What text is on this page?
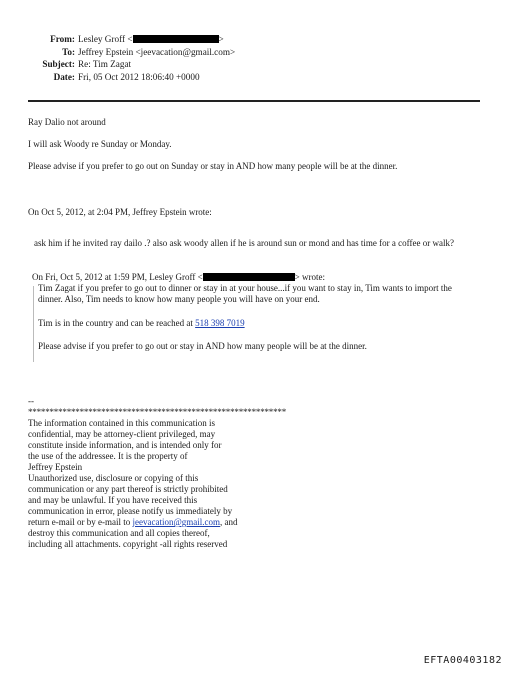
From: Lesley Groff <	>
To: Jeffrey Epstein <jeevacation@gmail.com>
Subject: Re: Tim Zagat
Date: Fri, 05 Oct 2012 18:06:40 +0000
Ray Dalio not around
I will ask Woody re Sunday or Monday.
Please advise if you prefer to go out on Sunday or stay in AND how many people will be at the dinner.
On Oct 5, 2012, at 2:04 PM, Jeffrey Epstein wrote:
ask him if he invited ray dailo .? also ask woody allen if he is around sun or mond and has time for a coffee or walk?
On Fri, Oct 5, 2012 at 1:59 PM, Lesley Groff <	> wrote:
Tim Zagat if you prefer to go out to dinner or stay in at your house...if you want to stay in, Tim wants to import the dinner. Also, Tim needs to know how many people you will have on your end.
Tim is in the country and can be reached at 518 398 7019
Please advise if you prefer to go out or stay in AND how many people will be at the dinner.
--
************************************************************
The information contained in this communication is
confidential, may be attorney-client privileged, may
constitute inside information, and is intended only for
the use of the addressee. It is the property of
Jeffrey Epstein
Unauthorized use, disclosure or copying of this
communication or any part thereof is strictly prohibited
and may be unlawful. If you have received this
communication in error, please notify us immediately by
return e-mail or by e-mail to jeevacation@gmail.com, and
destroy this communication and all copies thereof,
including all attachments. copyright -all rights reserved
EFTA00403182
